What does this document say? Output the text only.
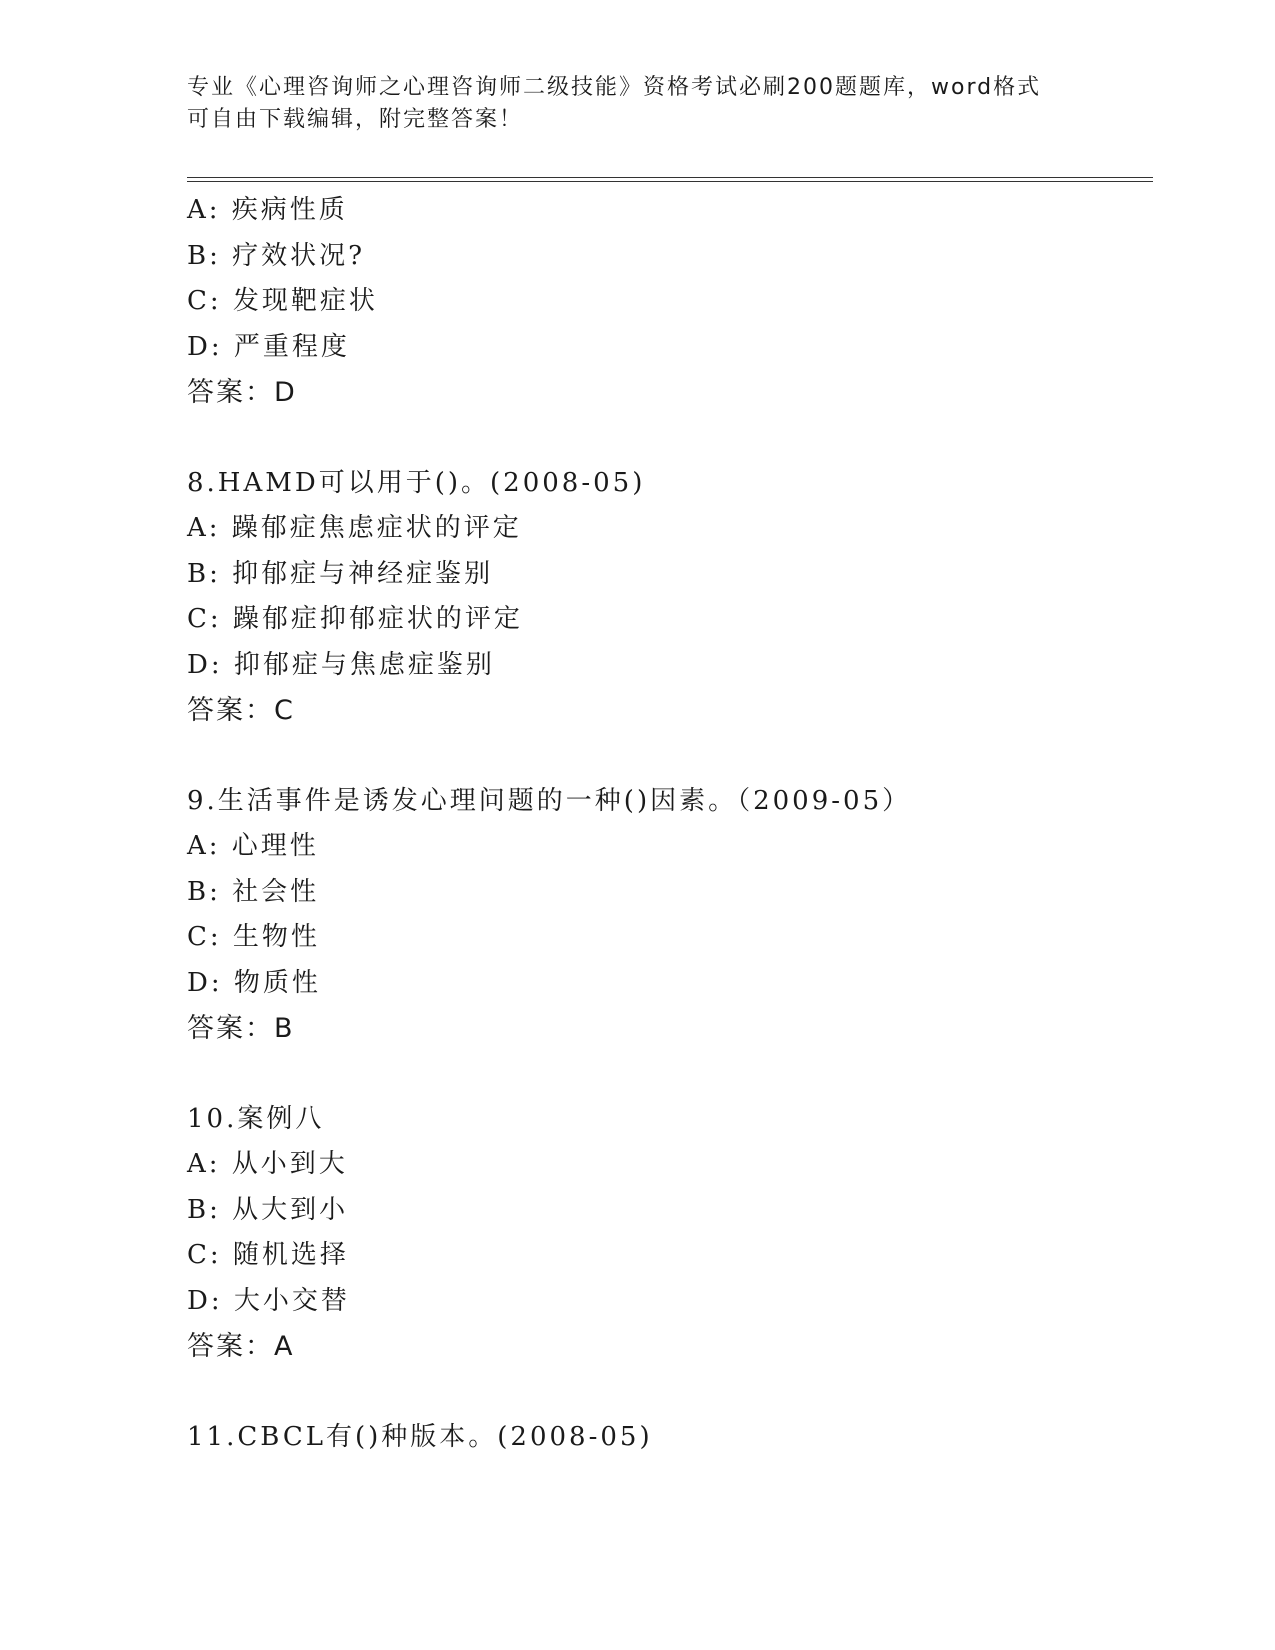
专业《心理咨询师之心理咨询师二级技能》资格考试必刷200题题库，word格式
可自由下载编辑，附完整答案！
A: 疾病性质
B: 疗效状况?
C: 发现靶症状
D: 严重程度
答案：D
8.HAMD可以用于()。(2008-05)
A: 躁郁症焦虑症状的评定
B: 抑郁症与神经症鉴别
C: 躁郁症抑郁症状的评定
D: 抑郁症与焦虑症鉴别
答案：C
9.生活事件是诱发心理问题的一种()因素。（2009-05）
A: 心理性
B: 社会性
C: 生物性
D: 物质性
答案：B
10.案例八
A: 从小到大
B: 从大到小
C: 随机选择
D: 大小交替
答案：A
11.CBCL有()种版本。(2008-05)
